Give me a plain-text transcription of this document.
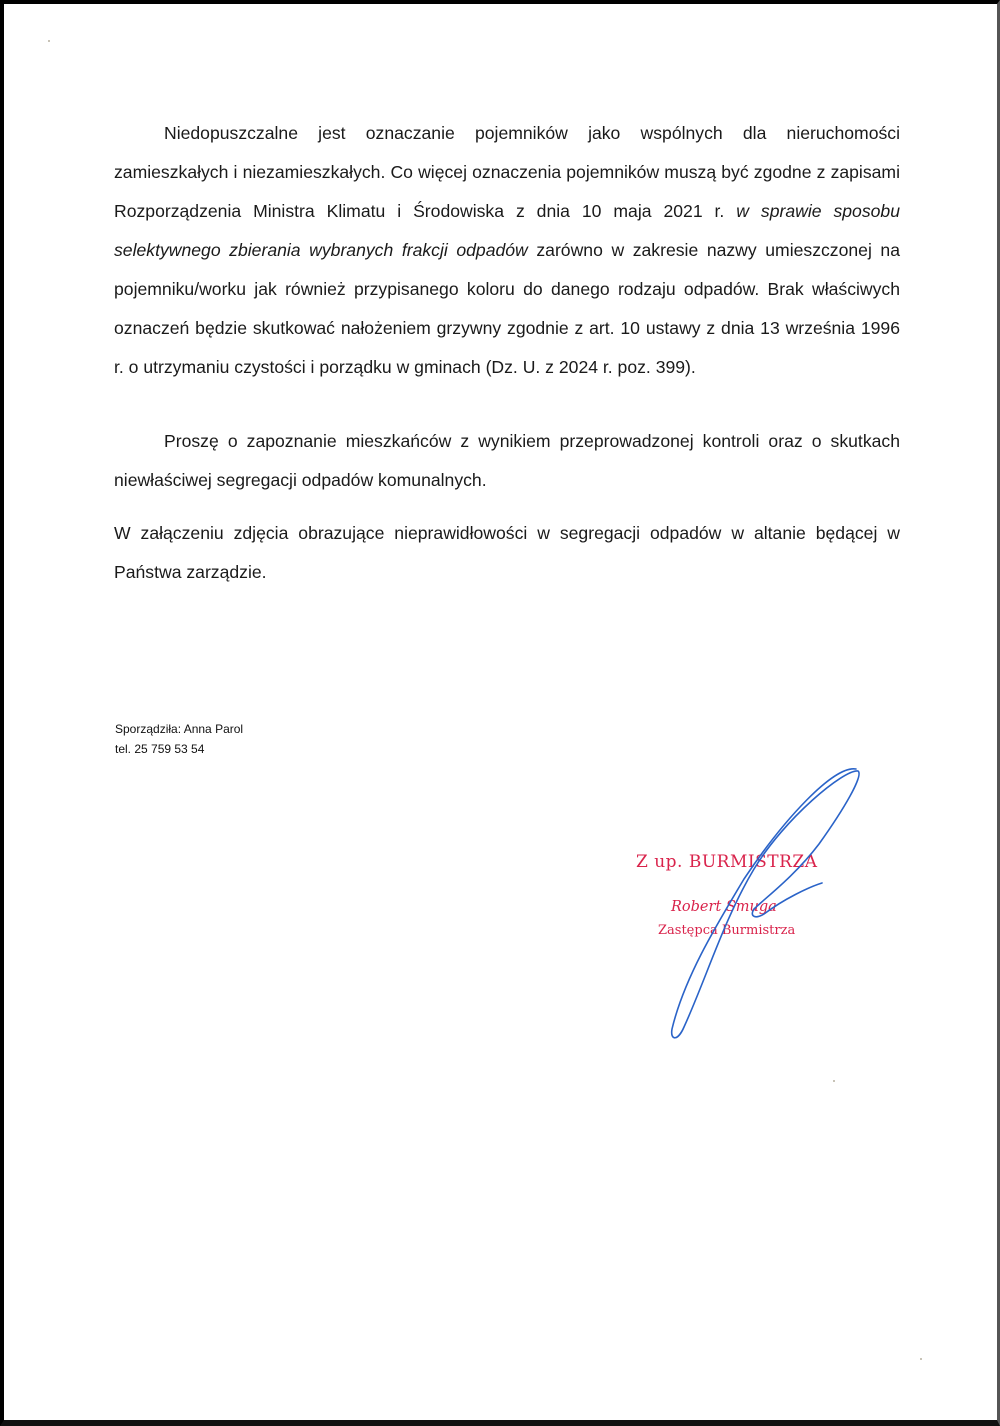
Niedopuszczalne jest oznaczanie pojemników jako wspólnych dla nieruchomości zamieszkałych i niezamieszkałych. Co więcej oznaczenia pojemników muszą być zgodne z zapisami Rozporządzenia Ministra Klimatu i Środowiska z dnia 10 maja 2021 r. w sprawie sposobu selektywnego zbierania wybranych frakcji odpadów zarówno w zakresie nazwy umieszczonej na pojemniku/worku jak również przypisanego koloru do danego rodzaju odpadów. Brak właściwych oznaczeń będzie skutkować nałożeniem grzywny zgodnie z art. 10 ustawy z dnia 13 września 1996 r. o utrzymaniu czystości i porządku w gminach (Dz. U. z 2024 r. poz. 399).

Proszę o zapoznanie mieszkańców z wynikiem przeprowadzonej kontroli oraz o skutkach niewłaściwej segregacji odpadów komunalnych.

W załączeniu zdjęcia obrazujące nieprawidłowości w segregacji odpadów w altanie będącej w Państwa zarządzie.

Sporządziła: Anna Parol
tel. 25 759 53 54
Z up. BURMISTRZA
Robert Smuga
Zastępca Burmistrza
